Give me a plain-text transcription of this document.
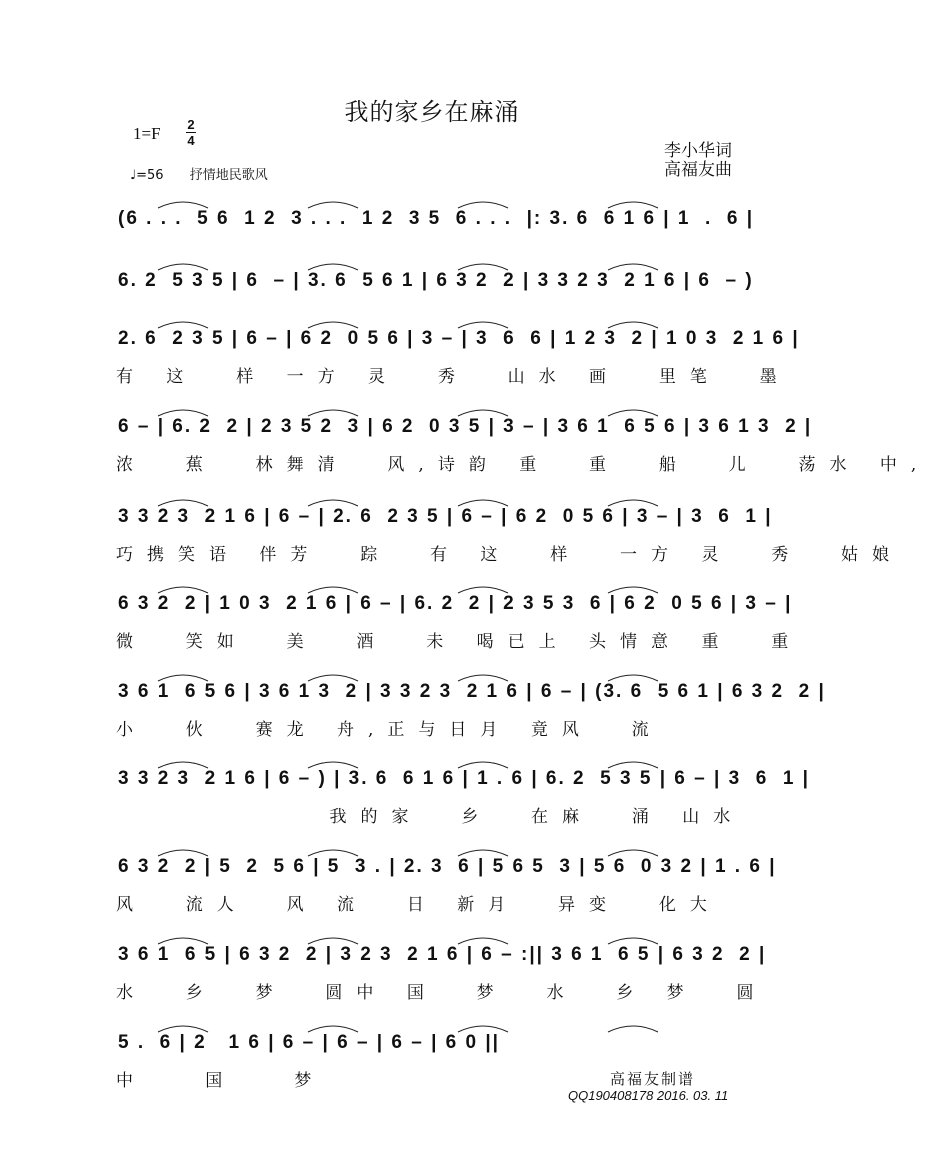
我的家乡在麻涌
1=F 2
4
♩=56 抒情地民歌风
李小华词
高福友曲
(6 . . .  5 6  1 2  3 . . .  1 2  3 5  6 . . .  |: 3. 6  6 1 6 | 1  .  6 |
6. 2  5 3 5 | 6  – | 3. 6  5 6 1 | 6 3 2  2 | 3 3 2 3  2 1 6 | 6  – )
2. 6  2 3 5 | 6 – | 6 2  0 5 6 | 3 – | 3  6  6 | 1 2 3  2 | 1 0 3  2 1 6 |
有 这  样 一方 灵  秀  山水 画  里笔  墨
6 – | 6. 2  2 | 2 3 5 2  3 | 6 2  0 3 5 | 3 – | 3 6 1  6 5 6 | 3 6 1 3  2 |
浓  蕉  林舞清  风,诗韵 重  重  船  儿  荡水 中,
3 3 2 3  2 1 6 | 6 – | 2. 6  2 3 5 | 6 – | 6 2  0 5 6 | 3 – | 3  6  1 |
巧携笑语 伴芳  踪  有 这  样  一方 灵  秀  姑娘
6 3 2  2 | 1 0 3  2 1 6 | 6 – | 6. 2  2 | 2 3 5 3  6 | 6 2  0 5 6 | 3 – |
微  笑如  美  酒  未 喝已上 头情意 重  重
3 6 1  6 5 6 | 3 6 1 3  2 | 3 3 2 3  2 1 6 | 6 – | (3. 6  5 6 1 | 6 3 2  2 |
小  伙  赛龙 舟,正与日月 竟风  流
3 3 2 3  2 1 6 | 6 – ) | 3. 6  6 1 6 | 1 . 6 | 6. 2  5 3 5 | 6 – | 3  6  1 |
我的家  乡  在麻  涌 山水
6 3 2  2 | 5  2  5 6 | 5  3 . | 2. 3  6 | 5 6 5  3 | 5 6  0 3 2 | 1 . 6 |
风  流人  风 流  日 新月  异变  化大
3 6 1  6 5 | 6 3 2  2 | 3 2 3  2 1 6 | 6 – :|| 3 6 1  6 5 | 6 3 2  2 |
水  乡  梦  圆中 国  梦  水  乡 梦  圆
5 .  6 | 2   1 6 | 6 – | 6 – | 6 – | 6 0 ||
中   国   梦	高福友制谱
QQ190408178 2016. 03. 11
